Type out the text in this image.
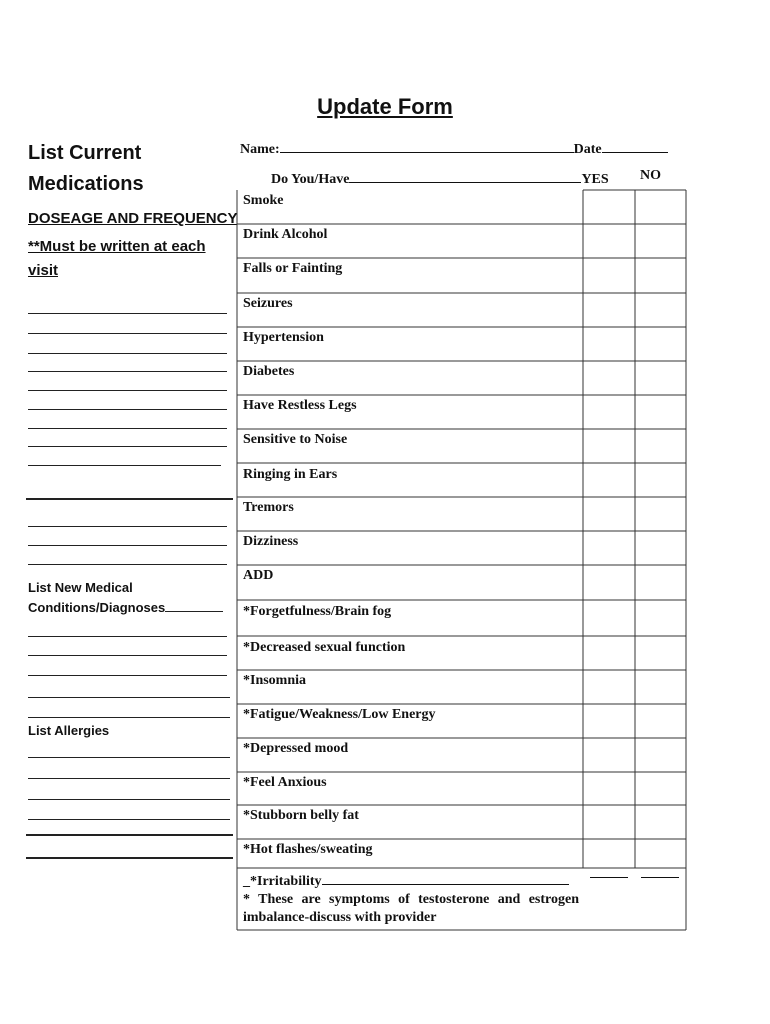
Update Form
List Current Medications
DOSEAGE AND FREQUENCY
**Must be written at each visit
List New Medical Conditions/Diagnoses
List Allergies
Name:	Date
Do You/Have	YES NO
Smoke
Drink Alcohol
Falls or Fainting
Seizures
Hypertension
Diabetes
Have Restless Legs
Sensitive to Noise
Ringing in Ears
Tremors
Dizziness
ADD
*Forgetfulness/Brain fog
*Decreased sexual function
*Insomnia
*Fatigue/Weakness/Low Energy
*Depressed mood
*Feel Anxious
*Stubborn belly fat
*Hot flashes/sweating
_*Irritability
* These are symptoms of testosterone and estrogen imbalance-discuss with provider
